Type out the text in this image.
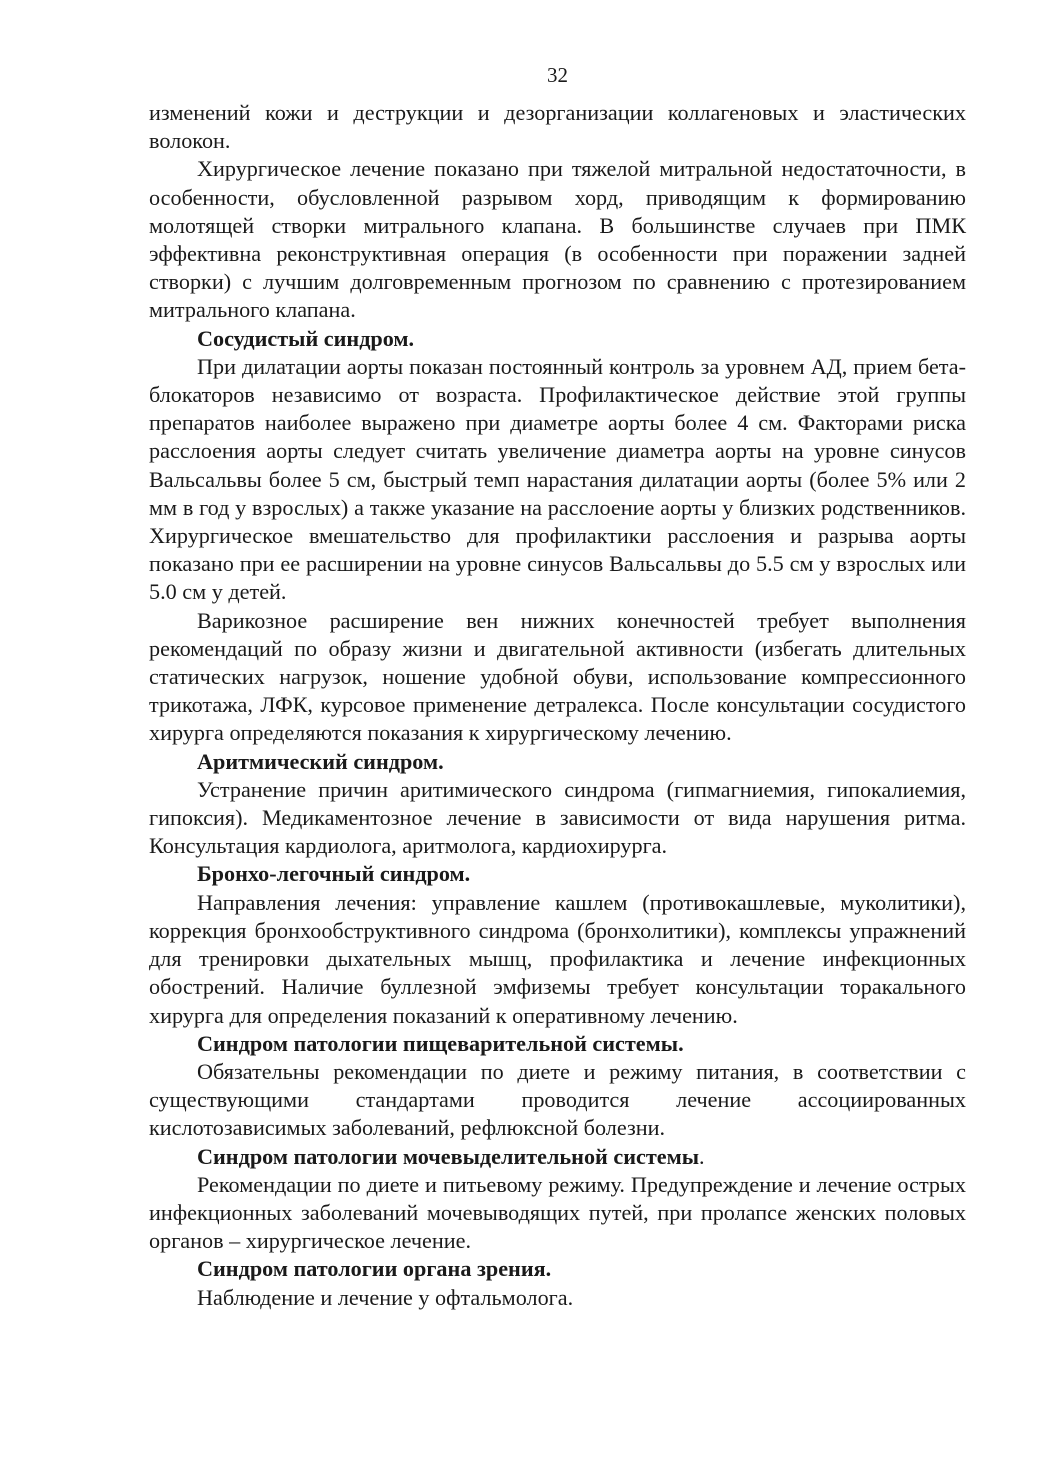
32

изменений кожи и деструкции и дезорганизации коллагеновых и эластических волокон.

Хирургическое лечение показано при тяжелой митральной недостаточности, в особенности, обусловленной разрывом хорд, приводящим к формированию молотящей створки митрального клапана. В большинстве случаев при ПМК эффективна реконструктивная операция (в особенности при поражении задней створки) с лучшим долговременным прогнозом по сравнению с протезированием митрального клапана.

Сосудистый синдром.

При дилатации аорты показан постоянный контроль за уровнем АД, прием бета-блокаторов независимо от возраста. Профилактическое действие этой группы препаратов наиболее выражено при диаметре аорты более 4 см. Факторами риска расслоения аорты следует считать увеличение диаметра аорты на уровне синусов Вальсальвы более 5 см, быстрый темп нарастания дилатации аорты (более 5% или 2 мм в год у взрослых) а также указание на расслоение аорты у близких родственников. Хирургическое вмешательство для профилактики расслоения и разрыва аорты показано при ее расширении на уровне синусов Вальсальвы до 5.5 см у взрослых или 5.0 см у детей.

Варикозное расширение вен нижних конечностей требует выполнения рекомендаций по образу жизни и двигательной активности (избегать длительных статических нагрузок, ношение удобной обуви, использование компрессионного трикотажа, ЛФК, курсовое применение детралекса. После консультации сосудистого хирурга определяются показания к хирургическому лечению.

Аритмический синдром.

Устранение причин аритимического синдрома (гипмагниемия, гипокалиемия, гипоксия). Медикаментозное лечение в зависимости от вида нарушения ритма. Консультация кардиолога, аритмолога, кардиохирурга.

Бронхо-легочный синдром.

Направления лечения: управление кашлем (противокашлевые, муколитики), коррекция бронхообструктивного синдрома (бронхолитики), комплексы упражнений для тренировки дыхательных мышц, профилактика и лечение инфекционных обострений. Наличие буллезной эмфиземы требует консультации торакального хирурга для определения показаний к оперативному лечению.

Синдром патологии пищеварительной системы.

Обязательны рекомендации по диете и режиму питания, в соответствии с существующими стандартами проводится лечение ассоциированных кислотозависимых заболеваний, рефлюксной болезни.

Синдром патологии мочевыделительной системы.

Рекомендации по диете и питьевому режиму. Предупреждение и лечение острых инфекционных заболеваний мочевыводящих путей, при пролапсе женских половых органов – хирургическое лечение.

Синдром патологии органа зрения.

Наблюдение и лечение у офтальмолога.
